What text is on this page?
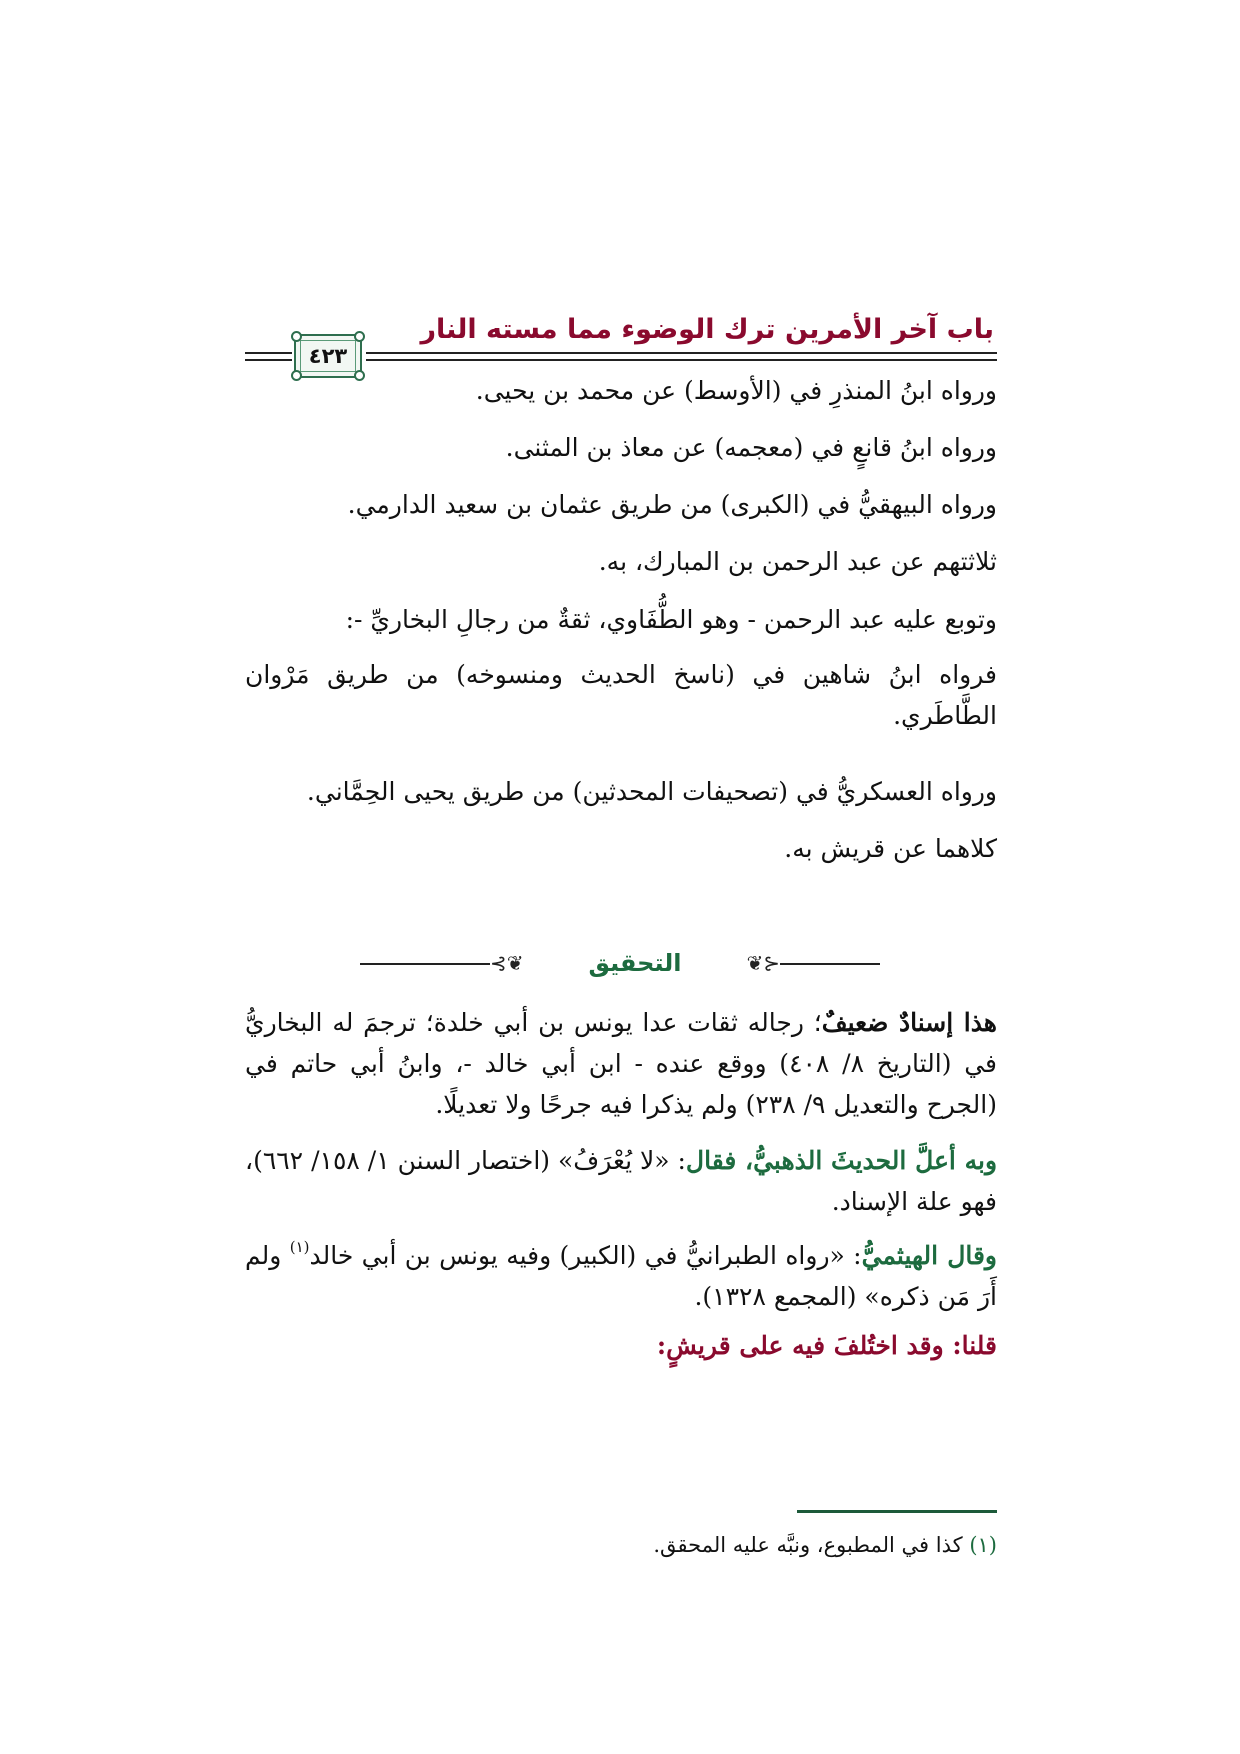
باب آخر الأمرين ترك الوضوء مما مسته النار
٤٢٣
ورواه ابنُ المنذرِ في (الأوسط) عن محمد بن يحيى.
ورواه ابنُ قانعٍ في (معجمه) عن معاذ بن المثنى.
ورواه البيهقيُّ في (الكبرى) من طريق عثمان بن سعيد الدارمي.
ثلاثتهم عن عبد الرحمن بن المبارك، به.
وتوبع عليه عبد الرحمن - وهو الطُّفَاوي، ثقةٌ من رجالِ البخاريِّ -:
فرواه ابنُ شاهين في (ناسخ الحديث ومنسوخه) من طريق مَرْوان الطَّاطَري.
ورواه العسكريُّ في (تصحيفات المحدثين) من طريق يحيى الحِمَّاني.
كلاهما عن قريش به.
⊰❦	التحقيق	❦⊱
هذا إسنادٌ ضعيفٌ؛ رجاله ثقات عدا يونس بن أبي خلدة؛ ترجمَ له البخاريُّ في (التاريخ ٨/ ٤٠٨) ووقع عنده - ابن أبي خالد -، وابنُ أبي حاتم في (الجرح والتعديل ٩/ ٢٣٨) ولم يذكرا فيه جرحًا ولا تعديلًا.
وبه أعلَّ الحديثَ الذهبيُّ، فقال: «لا يُعْرَفُ» (اختصار السنن ١/ ١٥٨/ ٦٦٢)، فهو علة الإسناد.
وقال الهيثميُّ: «رواه الطبرانيُّ في (الكبير) وفيه يونس بن أبي خالد$^{(١)}$ ولم أَرَ مَن ذكره» (المجمع ١٣٢٨).
قلنا: وقد اختُلفَ فيه على قريشٍ:
(١) كذا في المطبوع، ونبَّه عليه المحقق.
